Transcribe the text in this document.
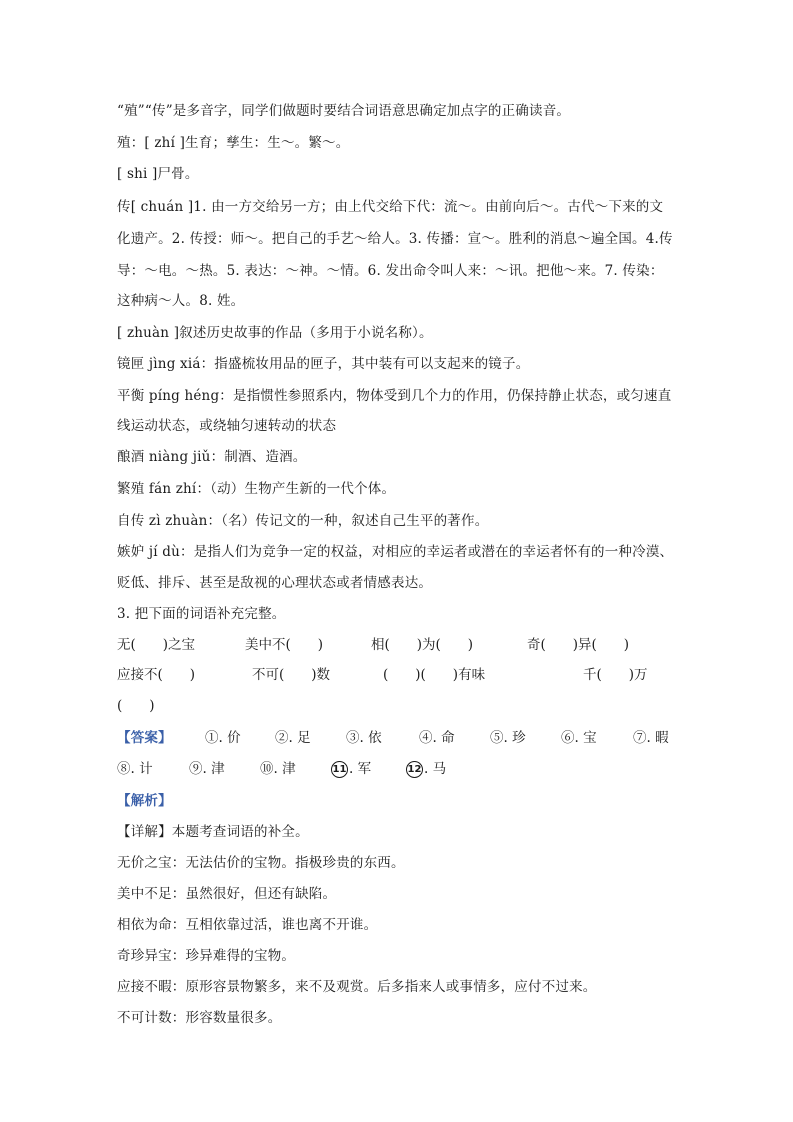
“殖”“传”是多音字，同学们做题时要结合词语意思确定加点字的正确读音。
殖：[ zhí ]生育；孳生：生～。繁～。
[ shi ]尸骨。
传[ chuán ]1. 由一方交给另一方；由上代交给下代：流～。由前向后～。古代～下来的文
化遗产。2. 传授：师～。把自己的手艺～给人。3. 传播：宣～。胜利的消息～遍全国。4.传
导：～电。～热。5. 表达：～神。～情。6. 发出命令叫人来：～讯。把他～来。7. 传染：
这种病～人。8. 姓。
[ zhuàn ]叙述历史故事的作品（多用于小说名称）。
镜匣 jìng xiá：指盛梳妆用品的匣子，其中装有可以支起来的镜子。
平衡 píng héng：是指惯性参照系内，物体受到几个力的作用，仍保持静止状态，或匀速直
线运动状态，或绕轴匀速转动的状态
酿酒 niàng jiǔ：制酒、造酒。
繁殖 fán zhí：（动）生物产生新的一代个体。
自传 zì zhuàn：（名）传记文的一种，叙述自己生平的著作。
嫉妒 jí dù：是指人们为竞争一定的权益，对相应的幸运者或潜在的幸运者怀有的一种冷漠、
贬低、排斥、甚至是敌视的心理状态或者情感表达。
3. 把下面的词语补充完整。
无(　　)之宝	美中不(　　)	相(　　)为(　　)	奇(　　)异(　　)
应接不(　　)	不可(　　)数	(　　)(　　)有味	千(　　)万
(　　)
【答案】 ①. 价	②. 足	③. 依	④. 命	⑤. 珍	⑥. 宝	⑦. 暇
⑧. 计	⑨. 津	⑩. 津	11 . 军	12 . 马
【解析】
【详解】本题考查词语的补全。
无价之宝：无法估价的宝物。指极珍贵的东西。
美中不足：虽然很好，但还有缺陷。
相依为命：互相依靠过活，谁也离不开谁。
奇珍异宝：珍异难得的宝物。
应接不暇：原形容景物繁多，来不及观赏。后多指来人或事情多，应付不过来。
不可计数：形容数量很多。
